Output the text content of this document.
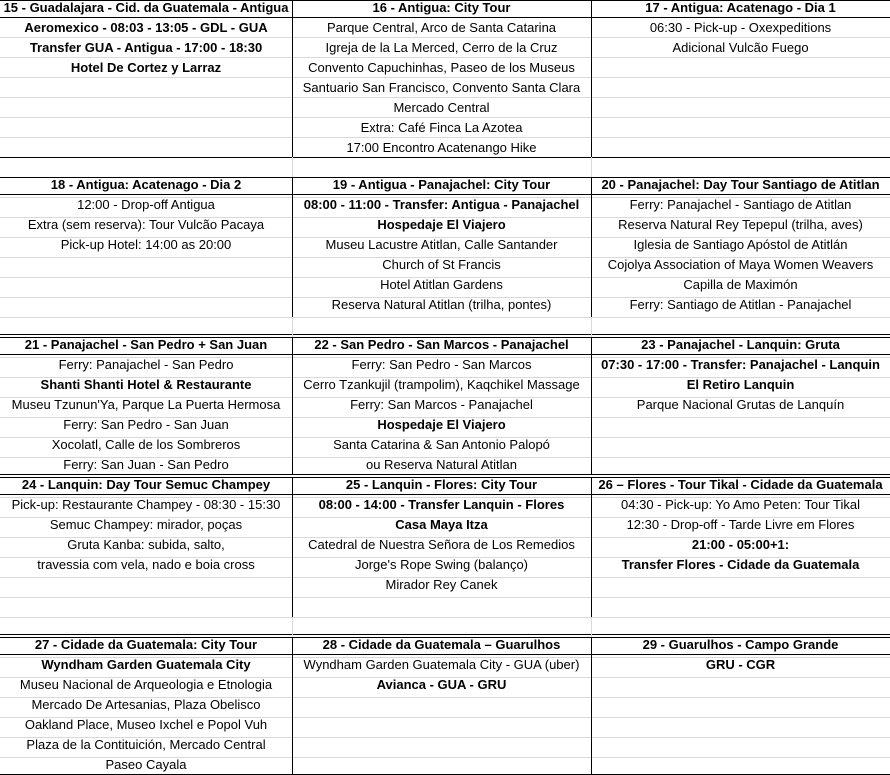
15 - Guadalajara - Cid. da Guatemala - Antigua
Aeromexico - 08:03 - 13:05 - GDL - GUA
Transfer GUA - Antigua - 17:00 - 18:30
Hotel De Cortez y Larraz
16 - Antigua: City Tour
Parque Central, Arco de Santa Catarina
Igreja de la La Merced, Cerro de la Cruz
Convento Capuchinhas, Paseo de los Museus
Santuario San Francisco, Convento Santa Clara
Mercado Central
Extra: Café Finca La Azotea
17:00 Encontro Acatenango Hike
17 - Antigua: Acatenago - Dia 1
06:30 - Pick-up - Oxexpeditions
Adicional Vulcão Fuego
18 - Antigua: Acatenago - Dia 2
12:00 - Drop-off Antigua
Extra (sem reserva): Tour Vulcão Pacaya
Pick-up Hotel: 14:00 as 20:00
19 - Antigua - Panajachel: City Tour
08:00 - 11:00 - Transfer: Antigua - Panajachel
Hospedaje El Viajero
Museu Lacustre Atitlan, Calle Santander
Church of St Francis
Hotel Atitlan Gardens
Reserva Natural Atitlan (trilha, pontes)
20 - Panajachel: Day Tour Santiago de Atitlan
Ferry: Panajachel - Santiago de Atitlan
Reserva Natural Rey Tepepul (trilha, aves)
Iglesia de Santiago Apóstol de Atitlán
Cojolya Association of Maya Women Weavers
Capilla de Maximón
Ferry: Santiago de Atitlan - Panajachel
21 - Panajachel - San Pedro + San Juan
Ferry: Panajachel - San Pedro
Shanti Shanti Hotel & Restaurante
Museu Tzunun'Ya, Parque La Puerta Hermosa
Ferry: San Pedro - San Juan
Xocolatl, Calle de los Sombreros
Ferry: San Juan - San Pedro
22 - San Pedro - San Marcos - Panajachel
Ferry: San Pedro - San Marcos
Cerro Tzankujil (trampolim), Kaqchikel Massage
Ferry: San Marcos - Panajachel
Hospedaje El Viajero
Santa Catarina & San Antonio Palopó
ou Reserva Natural Atitlan
23 - Panajachel - Lanquin: Gruta
07:30 - 17:00 - Transfer: Panajachel - Lanquin
El Retiro Lanquin
Parque Nacional Grutas de Lanquín
24 - Lanquin: Day Tour Semuc Champey
Pick-up: Restaurante Champey - 08:30 - 15:30
Semuc Champey: mirador, poças
Gruta Kanba: subida, salto,
travessia com vela, nado e boia cross
25 - Lanquin - Flores: City Tour
08:00 - 14:00 - Transfer Lanquin - Flores
Casa Maya Itza
Catedral de Nuestra Señora de Los Remedios
Jorge's Rope Swing (balanço)
Mirador Rey Canek
26 – Flores - Tour Tikal - Cidade da Guatemala
04:30 - Pick-up: Yo Amo Peten: Tour Tikal
12:30 - Drop-off - Tarde Livre em Flores
21:00 - 05:00+1:
Transfer Flores - Cidade da Guatemala
27 - Cidade da Guatemala: City Tour
Wyndham Garden Guatemala City
Museu Nacional de Arqueologia e Etnologia
Mercado De Artesanias, Plaza Obelisco
Oakland Place, Museo Ixchel e Popol Vuh
Plaza de la Contituición, Mercado Central
Paseo Cayala
28 - Cidade da Guatemala – Guarulhos
Wyndham Garden Guatemala City - GUA (uber)
Avianca - GUA - GRU
29 - Guarulhos - Campo Grande
GRU - CGR
